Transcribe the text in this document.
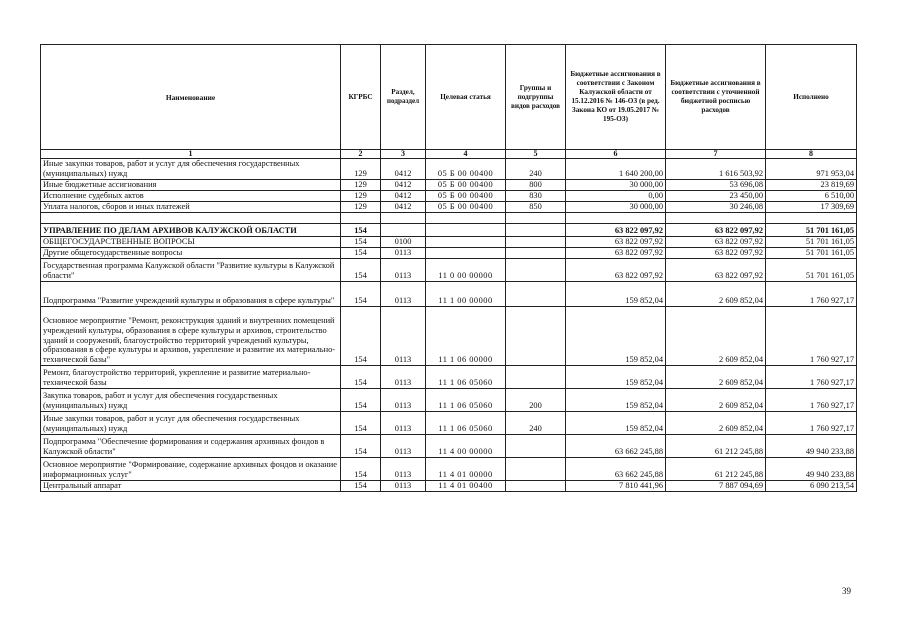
Наименование	КГРБС	Раздел, подраздел	Целевая статья	Группы и подгруппы видов расходов	Бюджетные ассигнования в соответствии с Законом Калужской области от 15.12.2016 № 146-ОЗ (в ред. Закона КО от 19.05.2017 № 195-ОЗ)	Бюджетные ассигнования в соответствии с уточненной бюджетной росписью расходов	Исполнено
1	2	3	4	5	6	7	8
Иные закупки товаров, работ и услуг для обеспечения государственных (муниципальных) нужд	129	0412	05 Б 00 00400	240	1 640 200,00	1 616 503,92	971 953,04
Иные бюджетные ассигнования	129	0412	05 Б 00 00400	800	30 000,00	53 696,08	23 819,69
Исполнение судебных актов	129	0412	05 Б 00 00400	830	0,00	23 450,00	6 510,00
Уплата налогов, сборов и иных платежей	129	0412	05 Б 00 00400	850	30 000,00	30 246,08	17 309,69

УПРАВЛЕНИЕ ПО ДЕЛАМ АРХИВОВ КАЛУЖСКОЙ ОБЛАСТИ	154				63 822 097,92	63 822 097,92	51 701 161,05
ОБЩЕГОСУДАРСТВЕННЫЕ ВОПРОСЫ	154	0100			63 822 097,92	63 822 097,92	51 701 161,05
Другие общегосударственные вопросы	154	0113			63 822 097,92	63 822 097,92	51 701 161,05
Государственная программа Калужской области "Развитие культуры в Калужской области"	154	0113	11 0 00 00000		63 822 097,92	63 822 097,92	51 701 161,05
Подпрограмма "Развитие учреждений культуры и образования в сфере культуры"	154	0113	11 1 00 00000		159 852,04	2 609 852,04	1 760 927,17
Основное мероприятие "Ремонт, реконструкция зданий и внутренних помещений учреждений культуры, образования в сфере культуры и архивов, строительство зданий и сооружений, благоустройство территорий учреждений культуры, образования в сфере культуры и архивов, укрепление и развитие их материально-технической базы"	154	0113	11 1 06 00000		159 852,04	2 609 852,04	1 760 927,17
Ремонт, благоустройство территорий, укрепление и развитие материально-технической базы	154	0113	11 1 06 05060		159 852,04	2 609 852,04	1 760 927,17
Закупка товаров, работ и услуг для обеспечения государственных (муниципальных) нужд	154	0113	11 1 06 05060	200	159 852,04	2 609 852,04	1 760 927,17
Иные закупки товаров, работ и услуг для обеспечения государственных (муниципальных) нужд	154	0113	11 1 06 05060	240	159 852,04	2 609 852,04	1 760 927,17
Подпрограмма "Обеспечение формирования и содержания архивных фондов в Калужской области"	154	0113	11 4 00 00000		63 662 245,88	61 212 245,88	49 940 233,88
Основное мероприятие "Формирование, содержание архивных фондов и оказание информационных услуг"	154	0113	11 4 01 00000		63 662 245,88	61 212 245,88	49 940 233,88
Центральный аппарат	154	0113	11 4 01 00400		7 810 441,96	7 887 094,69	6 090 213,54
39
